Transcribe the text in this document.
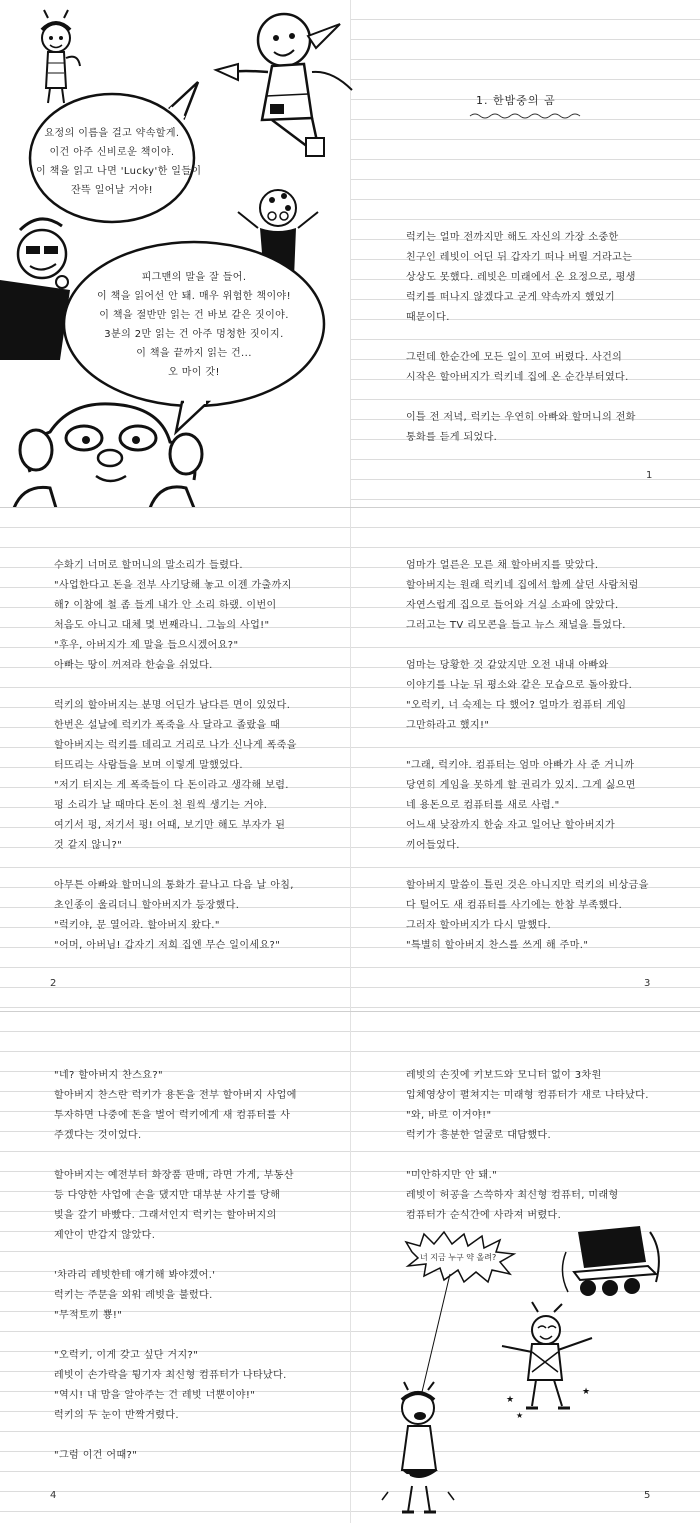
요정의 이름을 걸고 약속할게.

이건 아주 신비로운 책이야.

이 책을 읽고 나면 'Lucky'한 일들이

잔뜩 일어날 거야!

피그맨의 말을 잘 들어.

이 책을 읽어선 안 돼. 매우 위험한 책이야!

이 책을 절반만 읽는 건 바보 같은 짓이야.

3분의 2만 읽는 건 아주 멍청한 짓이지.

이 책을 끝까지 읽는 건...

오 마이 갓!

1. 한밤중의 곰

럭키는 얼마 전까지만 해도 자신의 가장 소중한

친구인 레빗이 어딘 뒤 갑자기 떠나 버릴 거라고는

상상도 못했다. 레빗은 미래에서 온 요정으로, 평생

럭키를 떠나지 않겠다고 굳게 약속까지 했었기

때문이다.

그런데 한순간에 모든 일이 꼬여 버렸다. 사건의

시작은 할아버지가 럭키네 집에 온 순간부터였다.

이틀 전 저녁, 럭키는 우연히 아빠와 할머니의 전화

통화를 듣게 되었다.

1

수화기 너머로 할머니의 말소리가 들렸다.

"사업한다고 돈을 전부 사기당해 놓고 이젠 가출까지

해? 이참에 철 좀 들게 내가 안 소리 하랬. 이번이

처음도 아니고 대체 몇 번째라니. 그놈의 사업!"

"후우, 아버지가 제 말을 들으시겠어요?"

아빠는 땅이 꺼져라 한숨을 쉬었다.

럭키의 할아버지는 분명 어딘가 남다른 면이 있었다.

한번은 설날에 럭키가 폭죽을 사 달라고 졸랐을 때

할아버지는 럭키를 데리고 거리로 나가 신나게 폭죽을

터뜨리는 사람들을 보며 이렇게 말했었다.

"저기 터지는 게 폭죽들이 다 돈이라고 생각해 보렴.

펑 소리가 날 때마다 돈이 천 원씩 생기는 거야.

여기서 펑, 저기서 펑! 어때, 보기만 해도 부자가 된

것 같지 않니?"

아무튼 아빠와 할머니의 통화가 끝나고 다음 날 아침,

초인종이 울리더니 할아버지가 등장했다.

"럭키야, 문 열어라. 할아버지 왔다."

"어머, 아버님! 갑자기 저희 집엔 무슨 일이세요?"

엄마가 얼른은 모른 채 할아버지를 맞았다.

할아버지는 원래 럭키네 집에서 함께 살던 사람처럼

자연스럽게 집으로 들어와 거실 소파에 앉았다.

그러고는 TV 리모콘을 들고 뉴스 채널을 틀었다.

엄마는 당황한 것 같았지만 오전 내내 아빠와

이야기를 나눈 뒤 평소와 같은 모습으로 돌아왔다.

"오럭키, 너 숙제는 다 했어? 얼마가 컴퓨터 게임

그만하라고 했지!"

"그래, 럭키야. 컴퓨터는 엄마 아빠가 사 준 거니까

당연히 게임을 못하게 할 권리가 있지. 그게 싫으면

네 용돈으로 컴퓨터를 새로 사렴."

어느새 낮잠까지 한숨 자고 일어난 할아버지가

끼어들었다.

할아버지 말씀이 틀린 것은 아니지만 럭키의 비상금을

다 털어도 새 컴퓨터를 사기에는 한참 부족했다.

그러자 할아버지가 다시 말했다.

"특별히 할아버지 찬스를 쓰게 해 주마."

2	3

"네? 할아버지 찬스요?"

할아버지 찬스란 럭키가 용돈을 전부 할아버지 사업에

투자하면 나중에 돈을 벌어 럭키에게 새 컴퓨터를 사

주겠다는 것이었다.

할아버지는 예전부터 화장품 판매, 라면 가게, 부동산

등 다양한 사업에 손을 댔지만 대부분 사기를 당해

빚을 갚기 바빴다. 그래서인지 럭키는 할아버지의

제안이 반갑지 않았다.

'차라리 레빗한테 얘기해 봐야겠어.'

럭키는 주문을 외워 레빗을 불렀다.

"무적토끼 뿅!"

"오럭키, 이게 갖고 싶단 거지?"

레빗이 손가락을 튕기자 최신형 컴퓨터가 나타났다.

"역시! 내 맘을 알아주는 건 레빗 너뿐이야!"

럭키의 두 눈이 반짝거렸다.

"그럼 이건 어때?"

레빗의 손짓에 키보드와 모니터 없이 3차원

입체영상이 펼쳐지는 미래형 컴퓨터가 새로 나타났다.

"와, 바로 이거야!"

럭키가 흥분한 얼굴로 대답했다.

"미안하지만 안 돼."

레빗이 허공을 스쓱하자 최신형 컴퓨터, 미래형

컴퓨터가 순식간에 사라져 버렸다.

너 지금 누구 약 올려?
★
★
★
4	5
